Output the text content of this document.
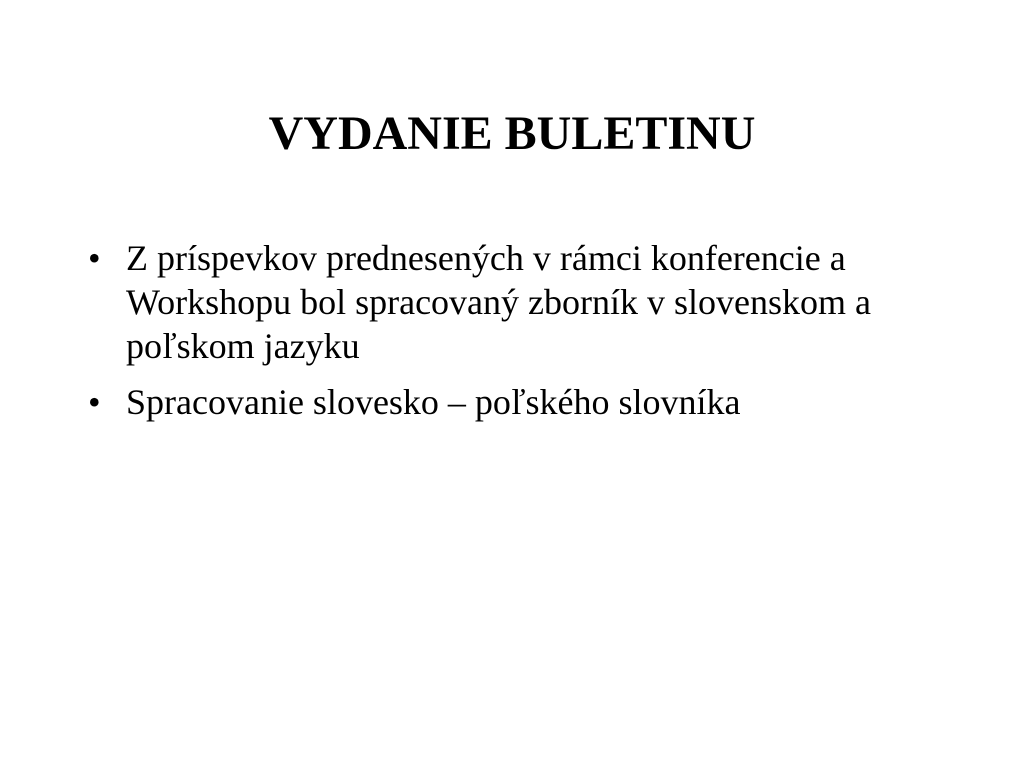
VYDANIE BULETINU
• Z príspevkov prednesených v rámci konferencie a Workshopu bol spracovaný zborník v slovenskom a poľskom jazyku
• Spracovanie slovesko – poľského slovníka
